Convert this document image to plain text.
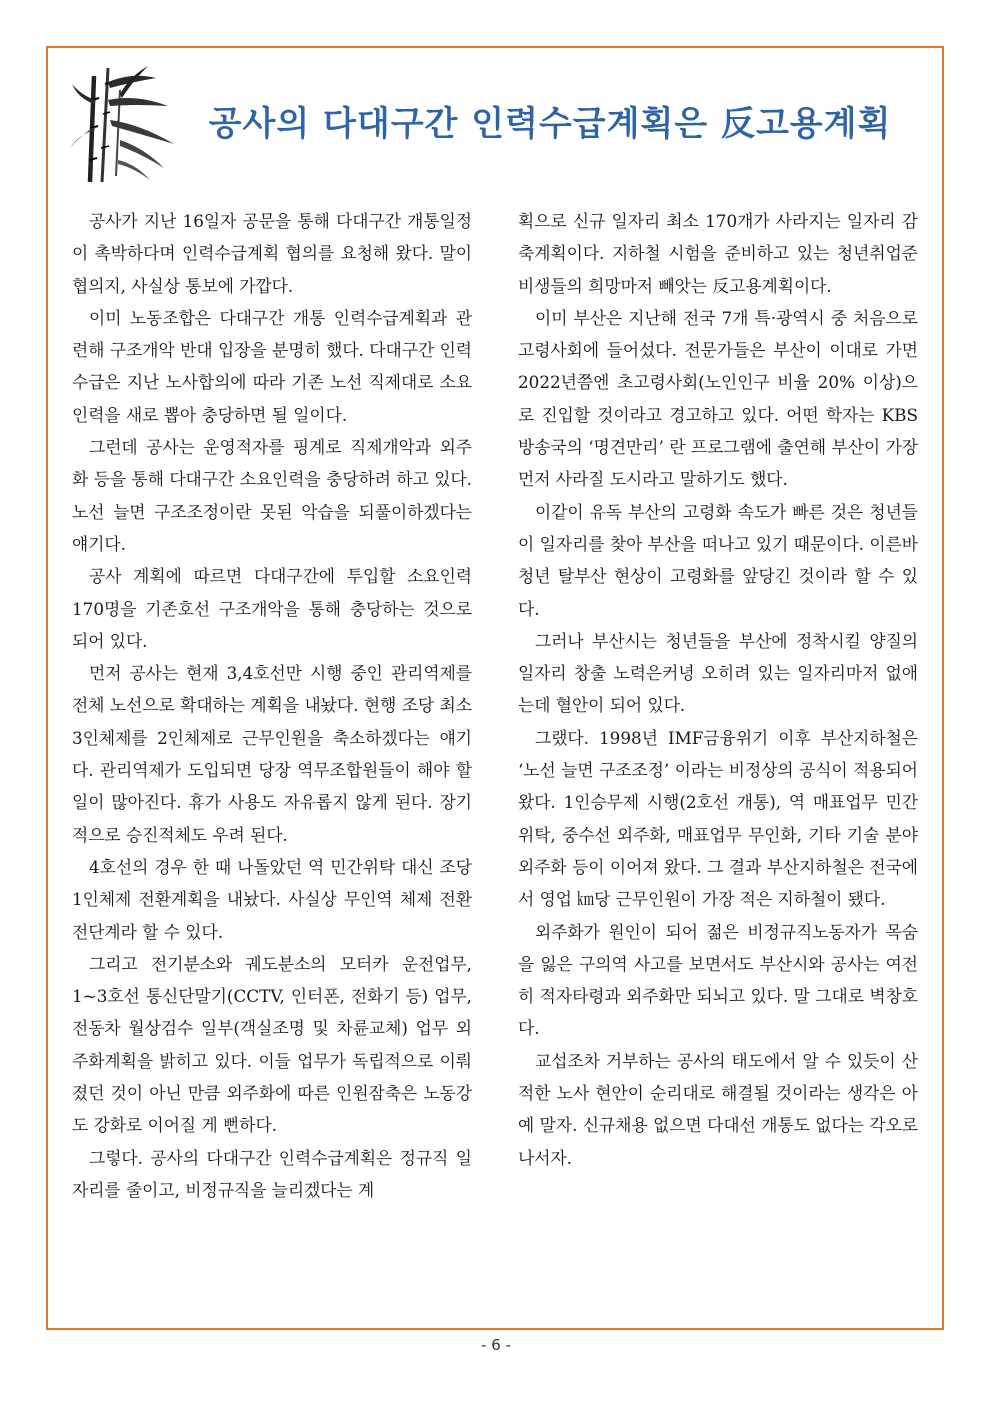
공사의 다대구간 인력수급계획은 反고용계획

공사가 지난 16일자 공문을 통해 다대구간 개통일정이 촉박하다며 인력수급계획 협의를 요청해 왔다. 말이 협의지, 사실상 통보에 가깝다.

이미 노동조합은 다대구간 개통 인력수급계획과 관련해 구조개악 반대 입장을 분명히 했다. 다대구간 인력수급은 지난 노사합의에 따라 기존 노선 직제대로 소요인력을 새로 뽑아 충당하면 될 일이다.

그런데 공사는 운영적자를 핑계로 직제개악과 외주화 등을 통해 다대구간 소요인력을 충당하려 하고 있다. 노선 늘면 구조조정이란 못된 악습을 되풀이하겠다는 얘기다.

공사 계획에 따르면 다대구간에 투입할 소요인력 170명을 기존호선 구조개악을 통해 충당하는 것으로 되어 있다.

먼저 공사는 현재 3,4호선만 시행 중인 관리역제를 전체 노선으로 확대하는 계획을 내놨다. 현행 조당 최소 3인체제를 2인체제로 근무인원을 축소하겠다는 얘기다. 관리역제가 도입되면 당장 역무조합원들이 해야 할 일이 많아진다. 휴가 사용도 자유롭지 않게 된다. 장기적으로 승진적체도 우려 된다.

4호선의 경우 한 때 나돌았던 역 민간위탁 대신 조당 1인체제 전환계획을 내놨다. 사실상 무인역 체제 전환 전단계라 할 수 있다.

그리고 전기분소와 궤도분소의 모터카 운전업무, 1~3호선 통신단말기(CCTV, 인터폰, 전화기 등) 업무, 전동차 월상검수 일부(객실조명 및 차륜교체) 업무 외주화계획을 밝히고 있다. 이들 업무가 독립적으로 이뤄졌던 것이 아닌 만큼 외주화에 따른 인원잠축은 노동강도 강화로 이어질 게 뻔하다.

그렇다. 공사의 다대구간 인력수급계획은 정규직 일자리를 줄이고, 비정규직을 늘리겠다는 계

획으로 신규 일자리 최소 170개가 사라지는 일자리 감축계획이다. 지하철 시험을 준비하고 있는 청년취업준비생들의 희망마저 빼앗는 反고용계획이다.

이미 부산은 지난해 전국 7개 특·광역시 중 처음으로 고령사회에 들어섰다. 전문가들은 부산이 이대로 가면 2022년쯤엔 초고령사회(노인인구 비율 20% 이상)으로 진입할 것이라고 경고하고 있다. 어떤 학자는 KBS 방송국의 ‘명견만리’ 란 프로그램에 출연해 부산이 가장 먼저 사라질 도시라고 말하기도 했다.

이같이 유독 부산의 고령화 속도가 빠른 것은 청년들이 일자리를 찾아 부산을 떠나고 있기 때문이다. 이른바 청년 탈부산 현상이 고령화를 앞당긴 것이라 할 수 있다.

그러나 부산시는 청년들을 부산에 정착시킬 양질의 일자리 창출 노력은커녕 오히려 있는 일자리마저 없애는데 혈안이 되어 있다.

그랬다. 1998년 IMF금융위기 이후 부산지하철은 ‘노선 늘면 구조조정’ 이라는 비정상의 공식이 적용되어 왔다. 1인승무제 시행(2호선 개통), 역 매표업무 민간위탁, 중수선 외주화, 매표업무 무인화, 기타 기술 분야 외주화 등이 이어져 왔다. 그 결과 부산지하철은 전국에서 영업 ㎞당 근무인원이 가장 적은 지하철이 됐다.

외주화가 원인이 되어 젊은 비정규직노동자가 목숨을 잃은 구의역 사고를 보면서도 부산시와 공사는 여전히 적자타령과 외주화만 되뇌고 있다. 말 그대로 벽창호다.

교섭조차 거부하는 공사의 태도에서 알 수 있듯이 산적한 노사 현안이 순리대로 해결될 것이라는 생각은 아예 말자. 신규채용 없으면 다대선 개통도 없다는 각오로 나서자.

- 6 -
